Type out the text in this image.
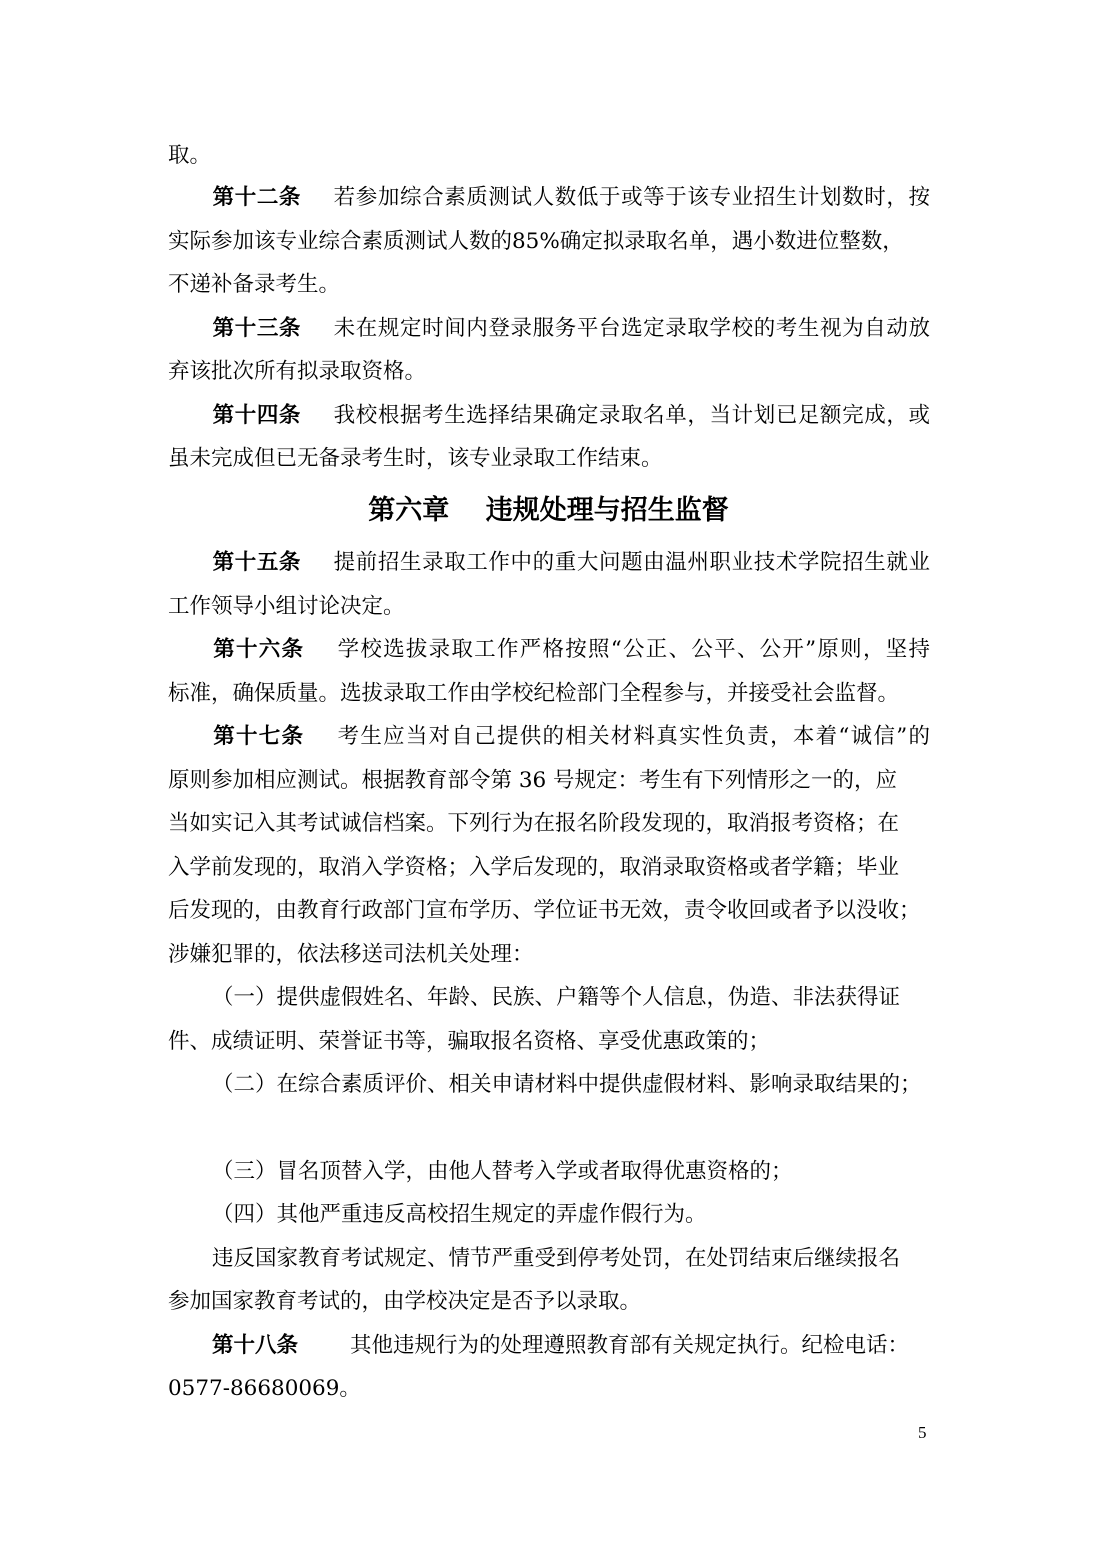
取。
第十二条 若参加综合素质测试人数低于或等于该专业招生计划数时，按
实际参加该专业综合素质测试人数的85%确定拟录取名单，遇小数进位整数，
不递补备录考生。
第十三条 未在规定时间内登录服务平台选定录取学校的考生视为自动放
弃该批次所有拟录取资格。
第十四条 我校根据考生选择结果确定录取名单，当计划已足额完成，或
虽未完成但已无备录考生时，该专业录取工作结束。
第六章　 违规处理与招生监督
第十五条 提前招生录取工作中的重大问题由温州职业技术学院招生就业
工作领导小组讨论决定。
第十六条 学校选拔录取工作严格按照“公正、公平、公开”原则，坚持
标准，确保质量。选拔录取工作由学校纪检部门全程参与，并接受社会监督。
第十七条 考生应当对自己提供的相关材料真实性负责，本着“诚信”的
原则参加相应测试。根据教育部令第 36 号规定：考生有下列情形之一的，应
当如实记入其考试诚信档案。下列行为在报名阶段发现的，取消报考资格；在
入学前发现的，取消入学资格；入学后发现的，取消录取资格或者学籍；毕业
后发现的，由教育行政部门宣布学历、学位证书无效，责令收回或者予以没收；
涉嫌犯罪的，依法移送司法机关处理：
（一）提供虚假姓名、年龄、民族、户籍等个人信息，伪造、非法获得证
件、成绩证明、荣誉证书等，骗取报名资格、享受优惠政策的；
（二）在综合素质评价、相关申请材料中提供虚假材料、影响录取结果的；
（三）冒名顶替入学，由他人替考入学或者取得优惠资格的；
（四）其他严重违反高校招生规定的弄虚作假行为。
违反国家教育考试规定、情节严重受到停考处罚，在处罚结束后继续报名
参加国家教育考试的，由学校决定是否予以录取。
第十八条 其他违规行为的处理遵照教育部有关规定执行。纪检电话：
0577-86680069。
5
